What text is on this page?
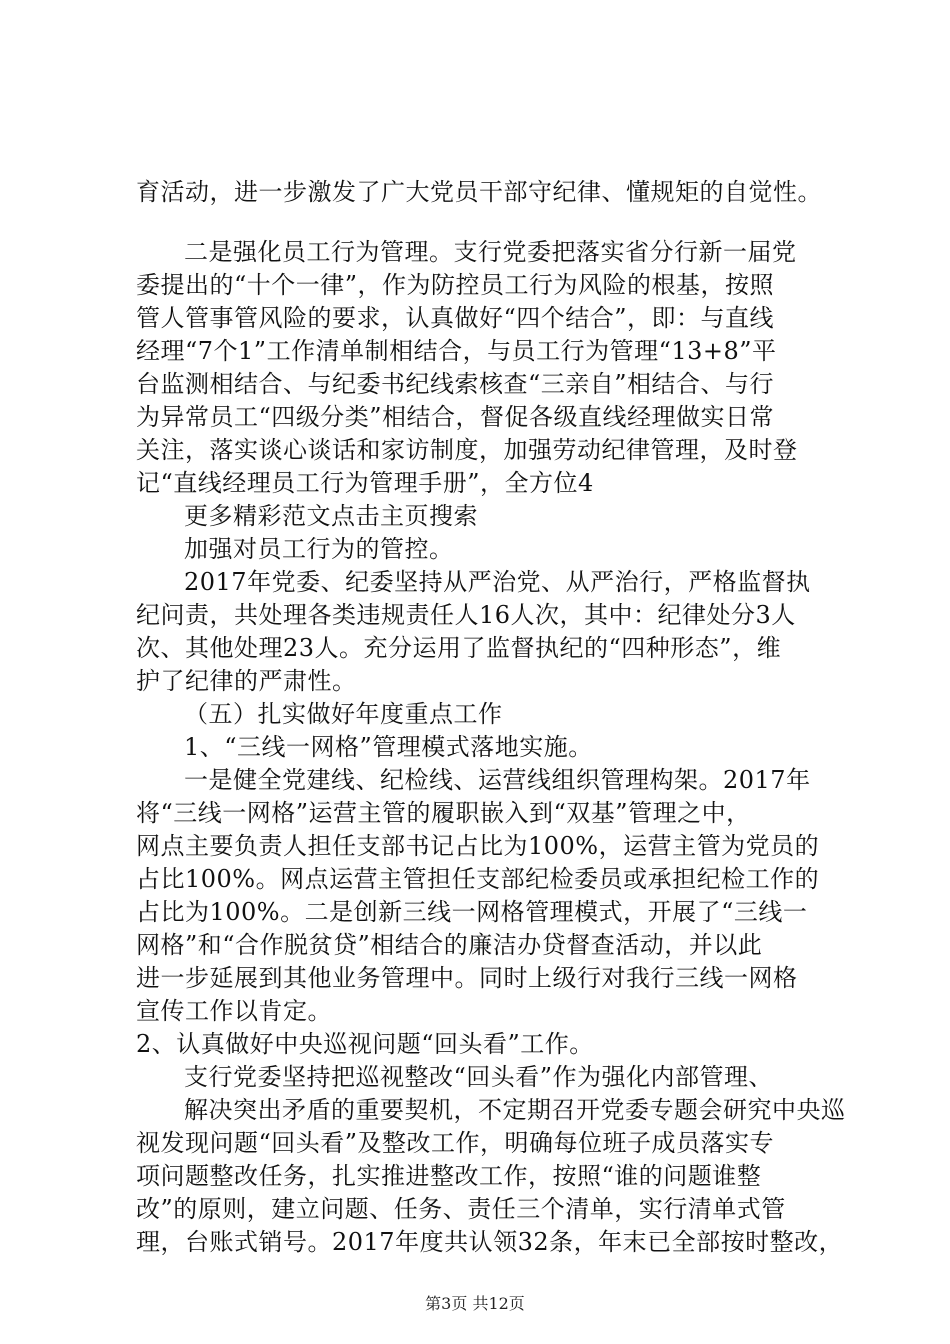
育活动，进一步激发了广大党员干部守纪律、懂规矩的自觉性。
二是强化员工行为管理。支行党委把落实省分行新一届党
委提出的“十个一律”，作为防控员工行为风险的根基，按照
管人管事管风险的要求，认真做好“四个结合”，即：与直线
经理“7个1”工作清单制相结合，与员工行为管理“13+8”平
台监测相结合、与纪委书纪线索核查“三亲自”相结合、与行
为异常员工“四级分类”相结合，督促各级直线经理做实日常
关注，落实谈心谈话和家访制度，加强劳动纪律管理，及时登
记“直线经理员工行为管理手册”，全方位4
更多精彩范文点击主页搜索
加强对员工行为的管控。
2017年党委、纪委坚持从严治党、从严治行，严格监督执
纪问责，共处理各类违规责任人16人次，其中：纪律处分3人
次、其他处理23人。充分运用了监督执纪的“四种形态”，维
护了纪律的严肃性。
（五）扎实做好年度重点工作
1、“三线一网格”管理模式落地实施。
一是健全党建线、纪检线、运营线组织管理构架。2017年
将“三线一网格”运营主管的履职嵌入到“双基”管理之中，
网点主要负责人担任支部书记占比为100%，运营主管为党员的
占比100%。网点运营主管担任支部纪检委员或承担纪检工作的
占比为100%。二是创新三线一网格管理模式，开展了“三线一
网格”和“合作脱贫贷”相结合的廉洁办贷督查活动，并以此
进一步延展到其他业务管理中。同时上级行对我行三线一网格
宣传工作以肯定。
2、认真做好中央巡视问题“回头看”工作。
支行党委坚持把巡视整改“回头看”作为强化内部管理、
解决突出矛盾的重要契机，不定期召开党委专题会研究中央巡
视发现问题“回头看”及整改工作，明确每位班子成员落实专
项问题整改任务，扎实推进整改工作，按照“谁的问题谁整
改”的原则，建立问题、任务、责任三个清单，实行清单式管
理，台账式销号。2017年度共认领32条，年末已全部按时整改，
第3页 共12页
